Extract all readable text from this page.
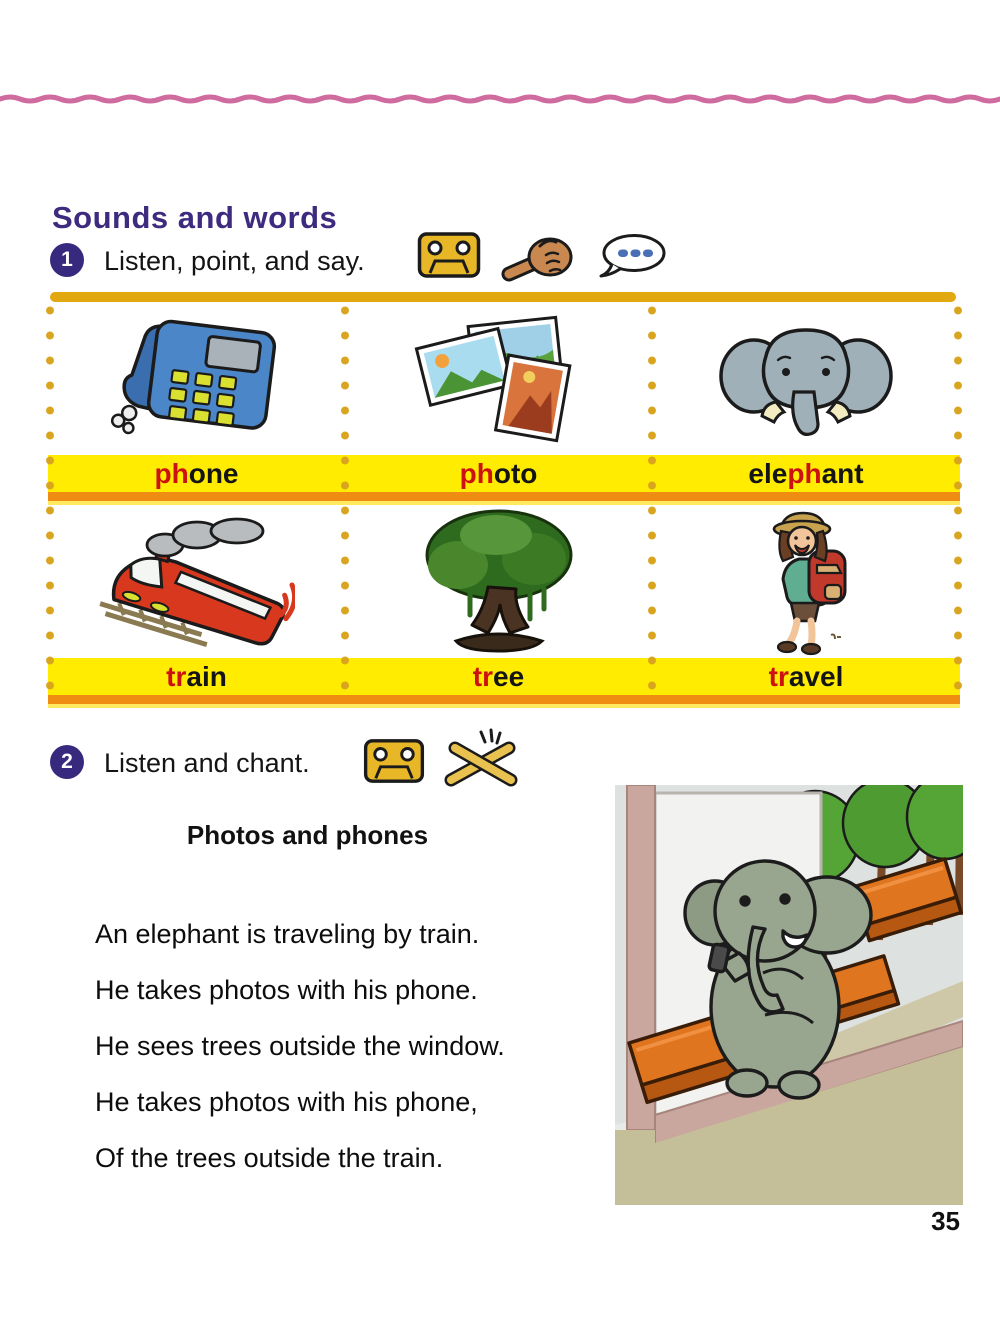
Sounds and words
1 Listen, point, and say.
phone	photo	elephant
train	tree	travel
2 Listen and chant.
Photos and phones

An elephant is traveling by train.

He takes photos with his phone.

He sees trees outside the window.

He takes photos with his phone,

Of the trees outside the train.

35
